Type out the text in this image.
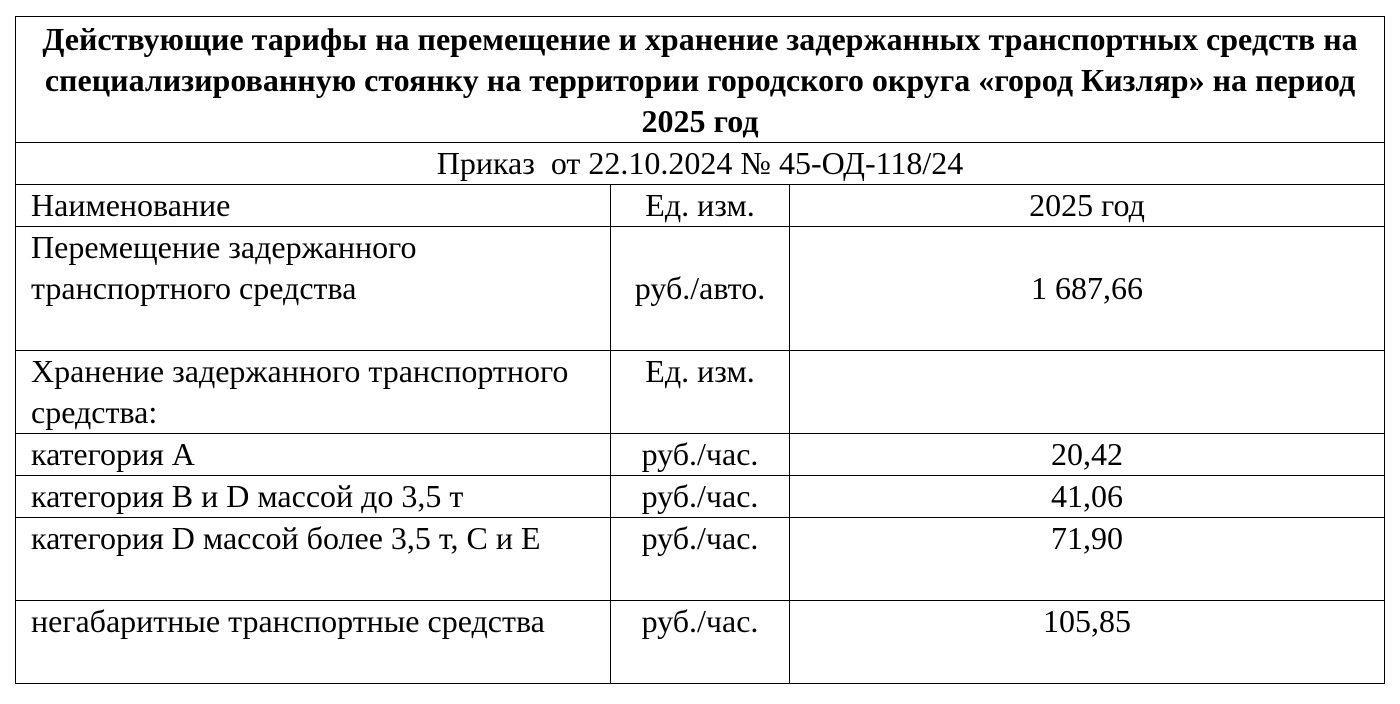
Действующие тарифы на перемещение и хранение задержанных транспортных средств на специализированную стоянку на территории городского округа «город Кизляр» на период 2025 год		
Приказ  от 22.10.2024 № 45-ОД-118/24		
Наименование	Ед. изм.	2025 год
Перемещение задержанного транспортного средства	руб./авто.	1 687,66
Хранение задержанного транспортного средства:	Ед. изм.	
категория А	руб./час.	20,42
категория В и D массой до 3,5 т	руб./час.	41,06
категория D массой более 3,5 т, С и Е	руб./час.	71,90
негабаритные транспортные средства	руб./час.	105,85
